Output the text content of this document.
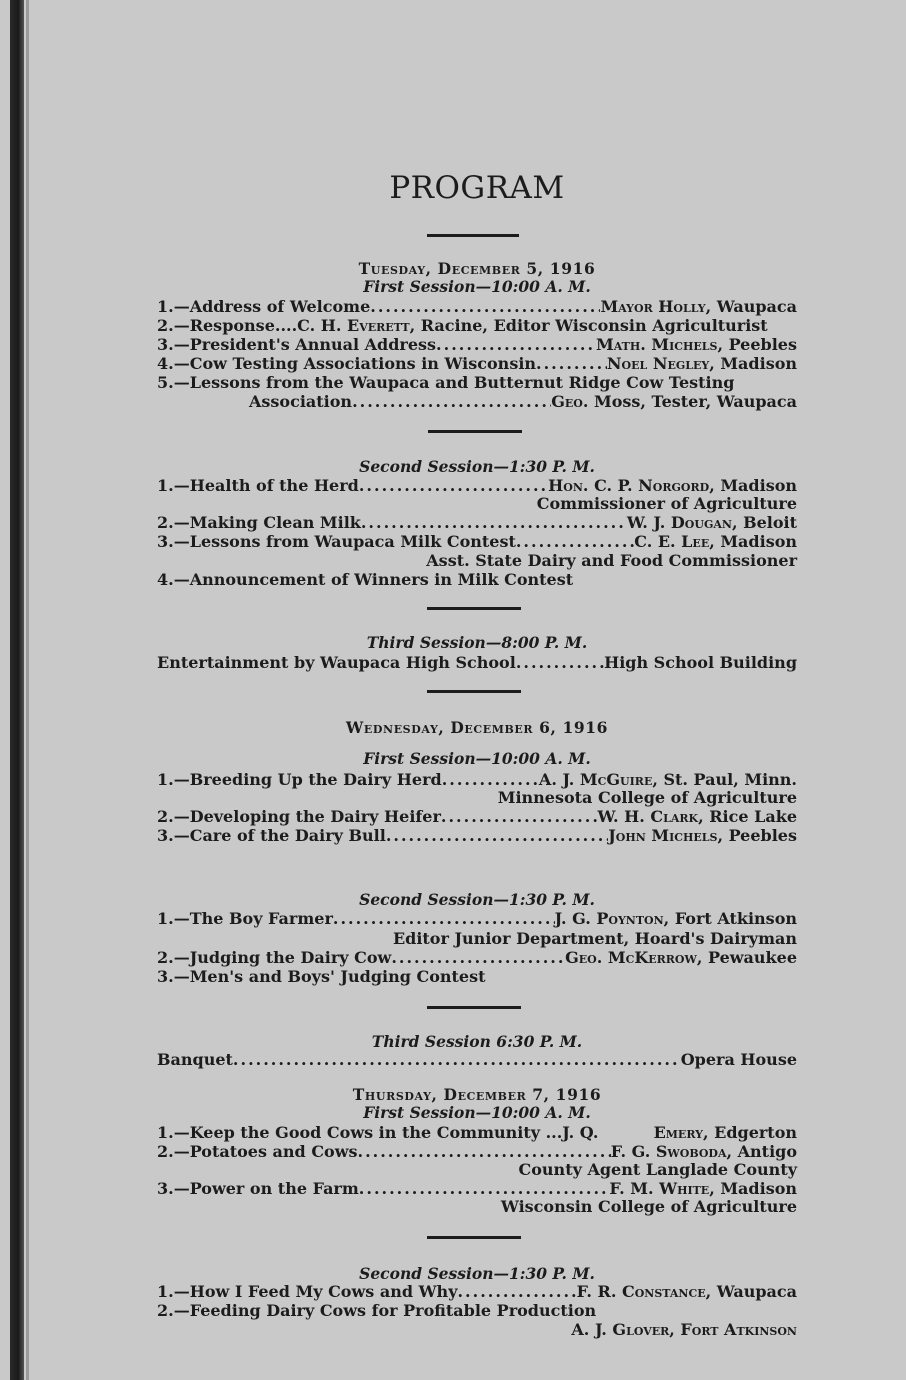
PROGRAM
Tuesday, December 5, 1916
First Session—10:00 A. M.
1.—Address of Welcome .....	Mayor Holly, Waupaca
2.—Response....C. H. Everett, Racine, Editor Wisconsin Agriculturist
3.—President's Annual Address .....	Math. Michels, Peebles
4.—Cow Testing Associations in Wisconsin .....	Noel Negley, Madison
5.—Lessons from the Waupaca and Butternut Ridge Cow Testing
Association .....	Geo. Moss, Tester, Waupaca
Second Session—1:30 P. M.
1.—Health of the Herd .....	Hon. C. P. Norgord, Madison
Commissioner of Agriculture
2.—Making Clean Milk .....	W. J. Dougan, Beloit
3.—Lessons from Waupaca Milk Contest .....	C. E. Lee, Madison
Asst. State Dairy and Food Commissioner
4.—Announcement of Winners in Milk Contest
Third Session—8:00 P. M.
Entertainment by Waupaca High School .....	High School Building
Wednesday, December 6, 1916
First Session—10:00 A. M.
1.—Breeding Up the Dairy Herd .....	A. J. McGuire, St. Paul, Minn.
Minnesota College of Agriculture
2.—Developing the Dairy Heifer .....	W. H. Clark, Rice Lake
3.—Care of the Dairy Bull .....	John Michels, Peebles
Second Session—1:30 P. M.
1.—The Boy Farmer .....	J. G. Poynton, Fort Atkinson
Editor Junior Department, Hoard's Dairyman
2.—Judging the Dairy Cow .....	Geo. McKerrow, Pewaukee
3.—Men's and Boys' Judging Contest
Third Session 6:30 P. M.
Banquet .....	Opera House
Thursday, December 7, 1916
First Session—10:00 A. M.
1.—Keep the Good Cows in the Community ...J. Q.	Emery, Edgerton
2.—Potatoes and Cows .....	F. G. Swoboda, Antigo
County Agent Langlade County
3.—Power on the Farm .....	F. M. White, Madison
Wisconsin College of Agriculture
Second Session—1:30 P. M.
1.—How I Feed My Cows and Why .....	F. R. Constance, Waupaca
2.—Feeding Dairy Cows for Profitable Production
A. J. Glover, Fort Atkinson
